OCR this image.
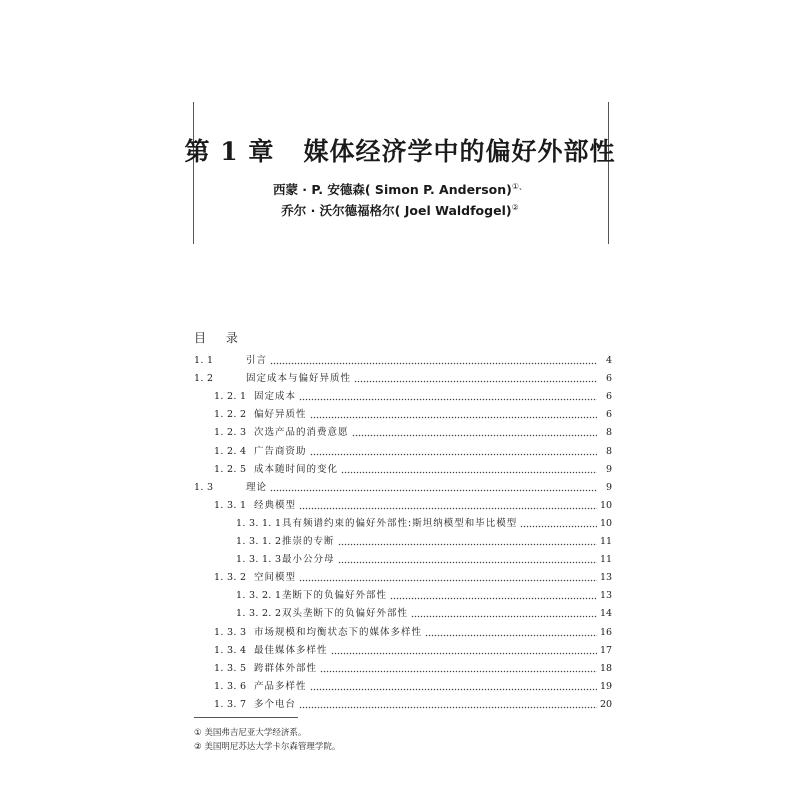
第 1 章   媒体经济学中的偏好外部性
西蒙 · P. 安德森( Simon P. Anderson)①、
乔尔 · 沃尔德福格尔( Joel Waldfogel)②
目 录
1. 1	引言	4
1. 2	固定成本与偏好异质性	6
1. 2. 1 固定成本	6
1. 2. 2 偏好异质性	6
1. 2. 3 次选产品的消费意愿	8
1. 2. 4 广告商资助	8
1. 2. 5 成本随时间的变化	9
1. 3	理论	9
1. 3. 1 经典模型	10
1. 3. 1. 1 具有频谱约束的偏好外部性:斯坦纳模型和毕比模型	10
1. 3. 1. 2 推崇的专断	11
1. 3. 1. 3 最小公分母	11
1. 3. 2 空间模型	13
1. 3. 2. 1 垄断下的负偏好外部性	13
1. 3. 2. 2 双头垄断下的负偏好外部性	14
1. 3. 3 市场规模和均衡状态下的媒体多样性	16
1. 3. 4 最佳媒体多样性	17
1. 3. 5 跨群体外部性	18
1. 3. 6 产品多样性	19
1. 3. 7 多个电台	20
① 美国弗吉尼亚大学经济系。
② 美国明尼苏达大学卡尔森管理学院。
